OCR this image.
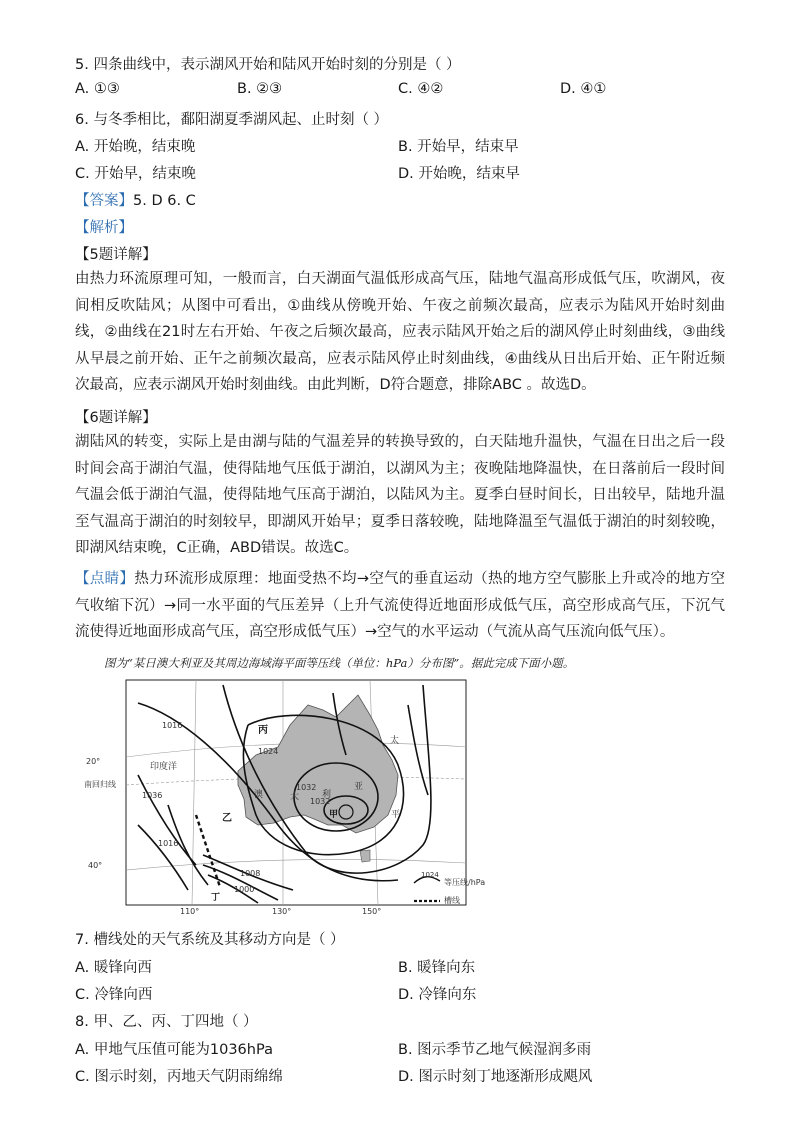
5. 四条曲线中，表示湖风开始和陆风开始时刻的分别是（ ）
A. ①③	B. ②③	C. ④②	D. ④①
6. 与冬季相比，鄱阳湖夏季湖风起、止时刻（ ）
A. 开始晚，结束晚	B. 开始早，结束早
C. 开始早，结束晚	D. 开始晚，结束早
【答案】5. D 6. C
【解析】
【5题详解】
由热力环流原理可知，一般而言，白天湖面气温低形成高气压，陆地气温高形成低气压，吹湖风，夜间相反吹陆风；从图中可看出，①曲线从傍晚开始、午夜之前频次最高，应表示为陆风开始时刻曲线，②曲线在21时左右开始、午夜之后频次最高，应表示陆风开始之后的湖风停止时刻曲线，③曲线从早晨之前开始、正午之前频次最高，应表示陆风停止时刻曲线，④曲线从日出后开始、正午附近频次最高，应表示湖风开始时刻曲线。由此判断，D符合题意，排除ABC 。故选D。
【6题详解】
湖陆风的转变，实际上是由湖与陆的气温差异的转换导致的，白天陆地升温快，气温在日出之后一段时间会高于湖泊气温，使得陆地气压低于湖泊，以湖风为主；夜晚陆地降温快，在日落前后一段时间气温会低于湖泊气温，使得陆地气压高于湖泊，以陆风为主。夏季白昼时间长，日出较早，陆地升温至气温高于湖泊的时刻较早，即湖风开始早；夏季日落较晚，陆地降温至气温低于湖泊的时刻较晚，即湖风结束晚，C正确，ABD错误。故选C。
【点睛】热力环流形成原理：地面受热不均→空气的垂直运动（热的地方空气膨胀上升或冷的地方空气收缩下沉）→同一水平面的气压差异（上升气流使得近地面形成低气压，高空形成高气压，下沉气流使得近地面形成高气压，高空形成低气压）→空气的水平运动（气流从高气压流向低气压）。
图为“某日澳大利亚及其周边海域海平面等压线（单位：hPa）分布图”。据此完成下面小题。
20°
南回归线
40°
110°	130°	150°
1016
1024
1032
1032
1036
1016
1008
1000
印度洋
丙
甲
乙
丁
澳	大	利
亚
太
平
1024
等压线/hPa
槽线
7. 槽线处的天气系统及其移动方向是（ ）
A. 暖锋向西	B. 暖锋向东
C. 冷锋向西	D. 冷锋向东
8. 甲、乙、丙、丁四地（ ）
A. 甲地气压值可能为1036hPa	B. 图示季节乙地气候湿润多雨
C. 图示时刻，丙地天气阴雨绵绵	D. 图示时刻丁地逐渐形成飓风
